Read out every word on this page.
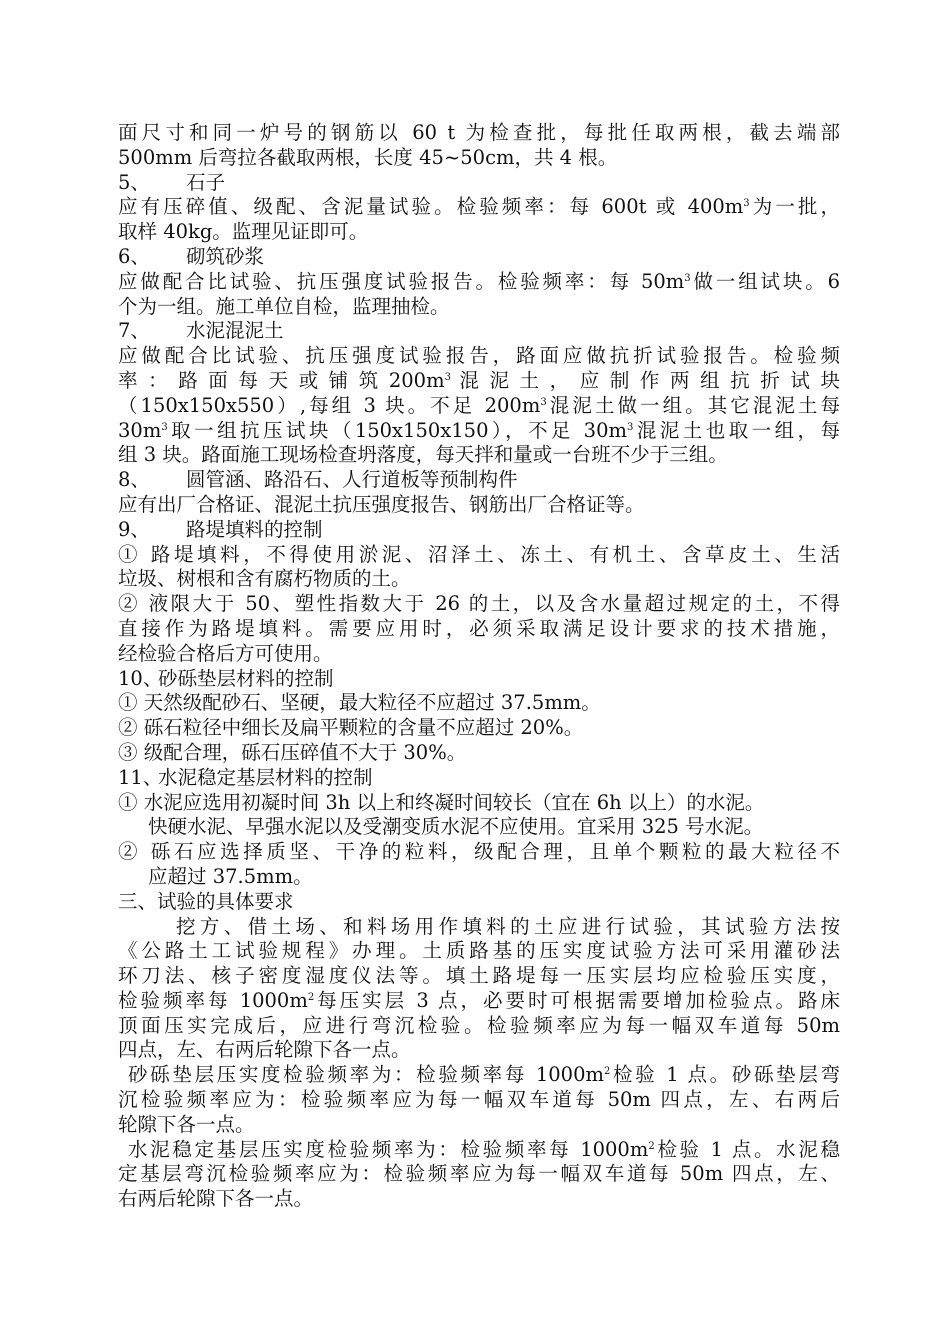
面尺寸和同一炉号的钢筋以 60 t 为检查批，每批任取两根，截去端部

500mm 后弯拉各截取两根，长度 45~50cm，共 4 根。

5、 石子

应有压碎值、级配、含泥量试验。检验频率：每 600t 或 $400m^3$为一批，

取样 40kg。监理见证即可。

6、 砌筑砂浆

应做配合比试验、抗压强度试验报告。检验频率：每 $50m^3$做一组试块。6

个为一组。施工单位自检，监理抽检。

7、 水泥混泥土

应做配合比试验、抗压强度试验报告，路面应做抗折试验报告。检验频

率 ： 路 面 每 天 或 铺 筑 $200m^3$ 混 泥 土 ， 应 制 作 两 组 抗 折 试 块

（150x150x550）,每组 3 块。不足 $200m^3$混泥土做一组。其它混泥土每

$30m^3$取一组抗压试块（150x150x150），不足 $30m^3$混泥土也取一组，每

组 3 块。路面施工现场检查坍落度，每天拌和量或一台班不少于三组。

8、 圆管涵、路沿石、人行道板等预制构件

应有出厂合格证、混泥土抗压强度报告、钢筋出厂合格证等。

9、 路堤填料的控制

① 路堤填料，不得使用淤泥、沼泽土、冻土、有机土、含草皮土、生活

垃圾、树根和含有腐朽物质的土。

② 液限大于 50、塑性指数大于 26 的土，以及含水量超过规定的土，不得

直接作为路堤填料。需要应用时，必须采取满足设计要求的技术措施，

经检验合格后方可使用。

10、砂砾垫层材料的控制

① 天然级配砂石、坚硬，最大粒径不应超过 37.5mm。

② 砾石粒径中细长及扁平颗粒的含量不应超过 20%。

③ 级配合理，砾石压碎值不大于 30%。

11、水泥稳定基层材料的控制

① 水泥应选用初凝时间 3h 以上和终凝时间较长（宜在 6h 以上）的水泥。

快硬水泥、早强水泥以及受潮变质水泥不应使用。宜采用 325 号水泥。

② 砾石应选择质坚、干净的粒料，级配合理，且单个颗粒的最大粒径不

应超过 37.5mm。

三、试验的具体要求

挖方、借土场、和料场用作填料的土应进行试验，其试验方法按

《公路土工试验规程》办理。土质路基的压实度试验方法可采用灌砂法

环刀法、核子密度湿度仪法等。填土路堤每一压实层均应检验压实度，

检验频率每 $1000m^2$每压实层 3 点，必要时可根据需要增加检验点。路床

顶面压实完成后，应进行弯沉检验。检验频率应为每一幅双车道每 50m

四点，左、右两后轮隙下各一点。

砂砾垫层压实度检验频率为：检验频率每 $1000m^2$检验 1 点。砂砾垫层弯

沉检验频率应为：检验频率应为每一幅双车道每 50m 四点，左、右两后

轮隙下各一点。

水泥稳定基层压实度检验频率为：检验频率每 $1000m^2$检验 1 点。水泥稳

定基层弯沉检验频率应为：检验频率应为每一幅双车道每 50m 四点，左、

右两后轮隙下各一点。
